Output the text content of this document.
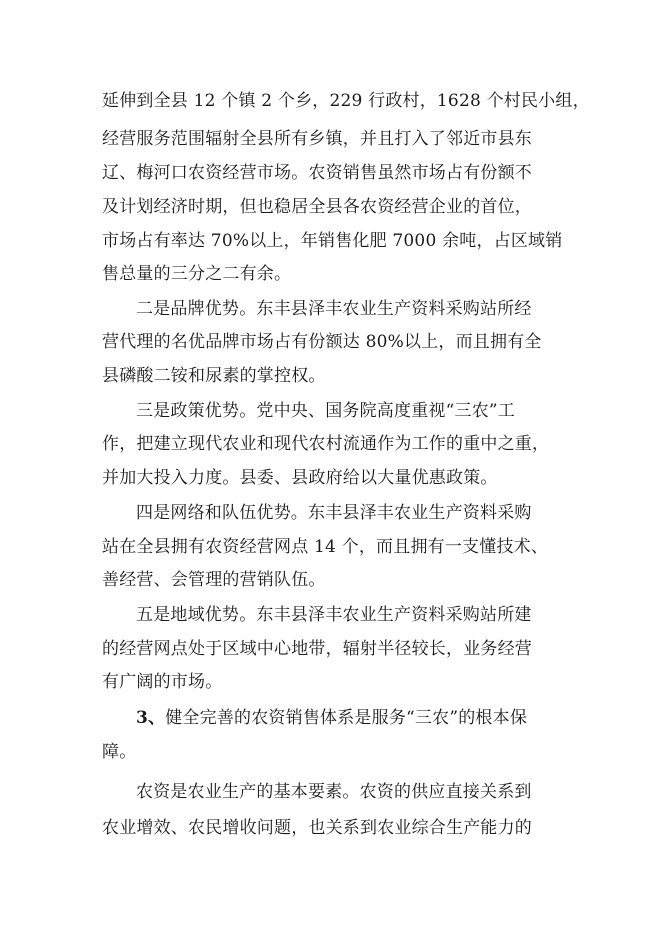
延伸到全县 12 个镇 2 个乡，229 行政村，1628 个村民小组，
经营服务范围辐射全县所有乡镇，并且打入了邻近市县东
辽、梅河口农资经营市场。农资销售虽然市场占有份额不
及计划经济时期，但也稳居全县各农资经营企业的首位，
市场占有率达 70%以上，年销售化肥 7000 余吨，占区域销
售总量的三分之二有余。
二是品牌优势。东丰县泽丰农业生产资料采购站所经
营代理的名优品牌市场占有份额达 80%以上，而且拥有全
县磷酸二铵和尿素的掌控权。
三是政策优势。党中央、国务院高度重视“三农”工
作，把建立现代农业和现代农村流通作为工作的重中之重，
并加大投入力度。县委、县政府给以大量优惠政策。
四是网络和队伍优势。东丰县泽丰农业生产资料采购
站在全县拥有农资经营网点 14 个，而且拥有一支懂技术、
善经营、会管理的营销队伍。
五是地域优势。东丰县泽丰农业生产资料采购站所建
的经营网点处于区域中心地带，辐射半径较长，业务经营
有广阔的市场。
3、健全完善的农资销售体系是服务“三农”的根本保
障。
农资是农业生产的基本要素。农资的供应直接关系到
农业增效、农民增收问题，也关系到农业综合生产能力的
